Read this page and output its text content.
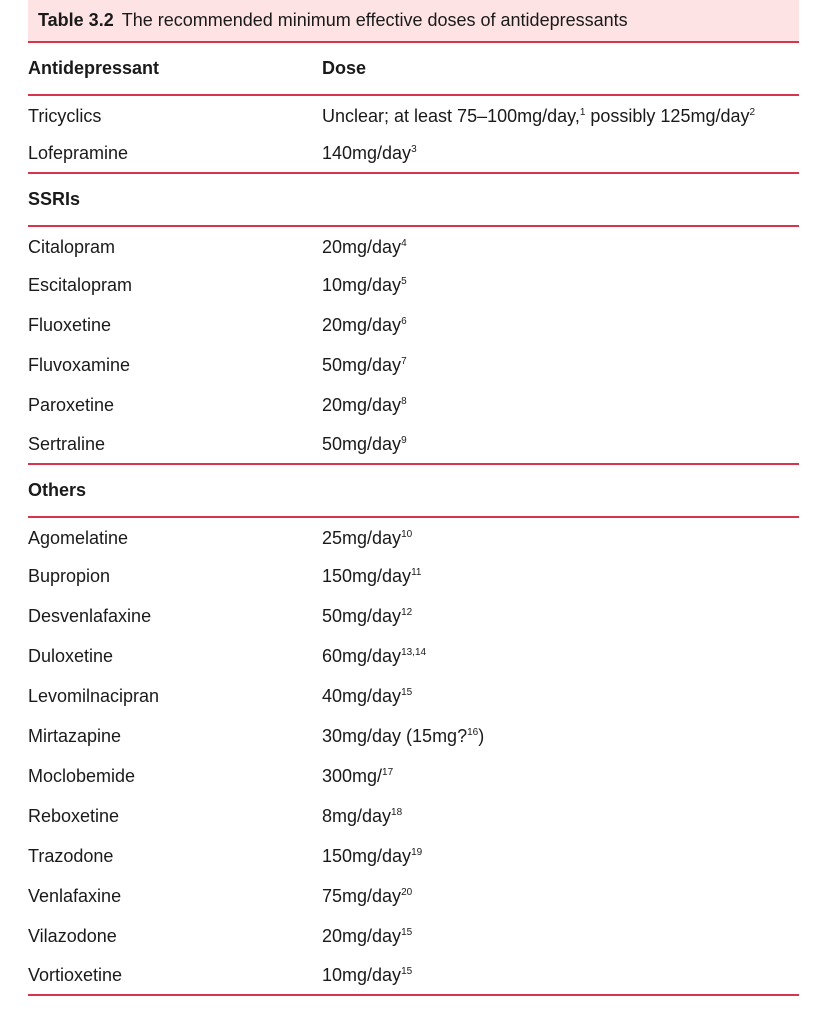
Table 3.2 The recommended minimum effective doses of antidepressants
Antidepressant	Dose
Tricyclics	Unclear; at least 75–100mg/day,$^1$ possibly 125mg/day$^2$
Lofepramine	140mg/day$^3$
SSRIs
Citalopram	20mg/day$^4$
Escitalopram	10mg/day$^5$
Fluoxetine	20mg/day$^6$
Fluvoxamine	50mg/day$^7$
Paroxetine	20mg/day$^8$
Sertraline	50mg/day$^9$
Others
Agomelatine	25mg/day$^{10}$
Bupropion	150mg/day$^{11}$
Desvenlafaxine	50mg/day$^{12}$
Duloxetine	60mg/day$^{13,14}$
Levomilnacipran	40mg/day$^{15}$
Mirtazapine	30mg/day (15mg?$^{16}$)
Moclobemide	300mg/$^{17}$
Reboxetine	8mg/day$^{18}$
Trazodone	150mg/day$^{19}$
Venlafaxine	75mg/day$^{20}$
Vilazodone	20mg/day$^{15}$
Vortioxetine	10mg/day$^{15}$
